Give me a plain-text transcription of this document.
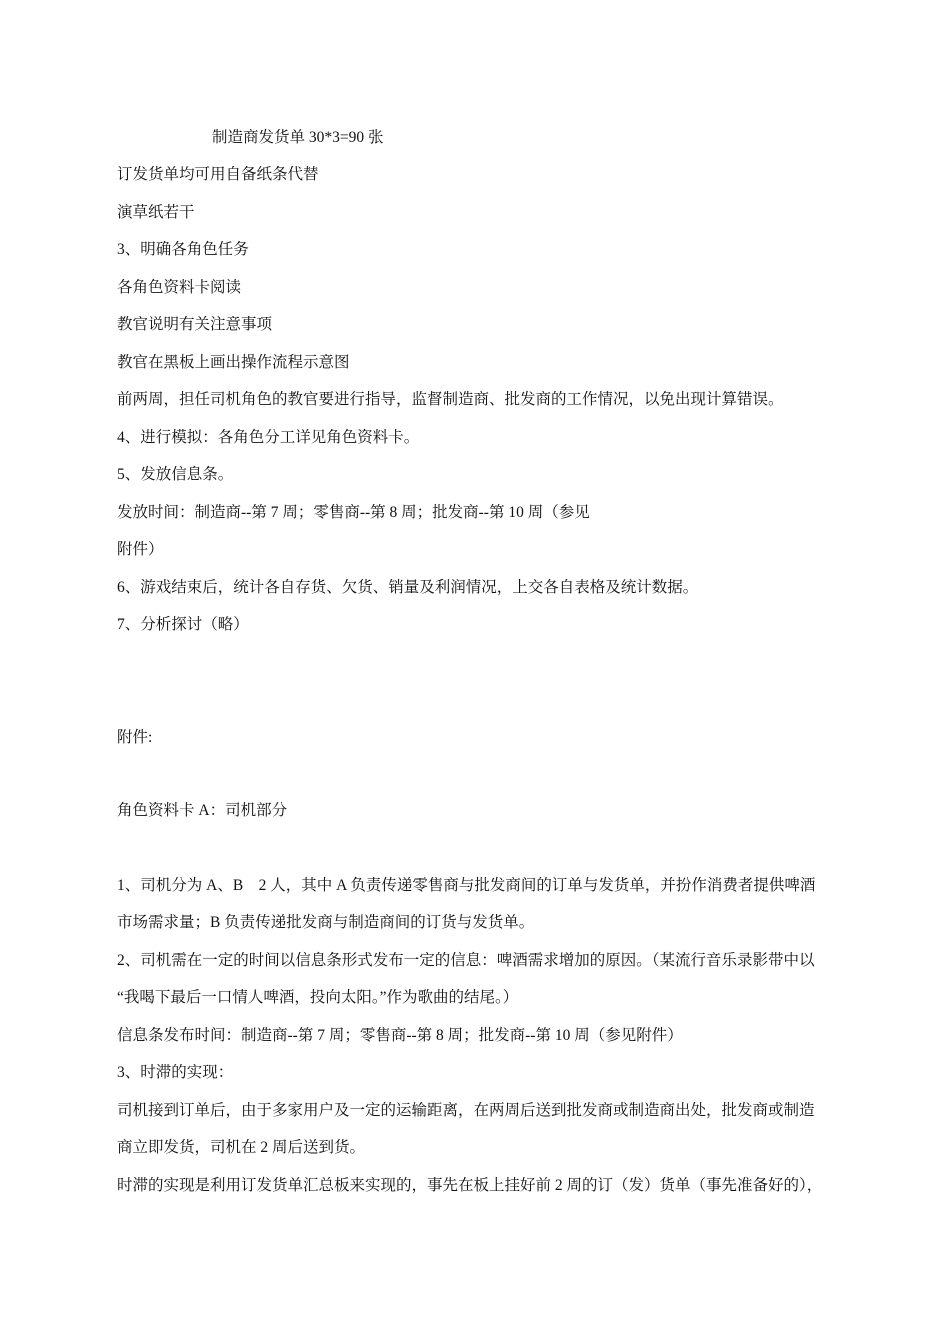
制造商发货单 30*3=90 张
订发货单均可用自备纸条代替
演草纸若干
3、明确各角色任务
各角色资料卡阅读
教官说明有关注意事项
教官在黑板上画出操作流程示意图
前两周，担任司机角色的教官要进行指导，监督制造商、批发商的工作情况，以免出现计算错误。
4、进行模拟：各角色分工详见角色资料卡。
5、发放信息条。
发放时间：制造商--第 7 周；零售商--第 8 周；批发商--第 10 周（参见
附件）
6、游戏结束后，统计各自存货、欠货、销量及利润情况，上交各自表格及统计数据。
7、分析探讨（略）
附件:
角色资料卡 A：司机部分
1、司机分为 A、B　2 人，其中 A 负责传递零售商与批发商间的订单与发货单，并扮作消费者提供啤酒
市场需求量；B 负责传递批发商与制造商间的订货与发货单。
2、司机需在一定的时间以信息条形式发布一定的信息：啤酒需求增加的原因。（某流行音乐录影带中以
“我喝下最后一口情人啤酒，投向太阳。”作为歌曲的结尾。）
信息条发布时间：制造商--第 7 周；零售商--第 8 周；批发商--第 10 周（参见附件）
3、时滞的实现：
司机接到订单后，由于多家用户及一定的运输距离，在两周后送到批发商或制造商出处，批发商或制造
商立即发货，司机在 2 周后送到货。
时滞的实现是利用订发货单汇总板来实现的，事先在板上挂好前 2 周的订（发）货单（事先准备好的），
